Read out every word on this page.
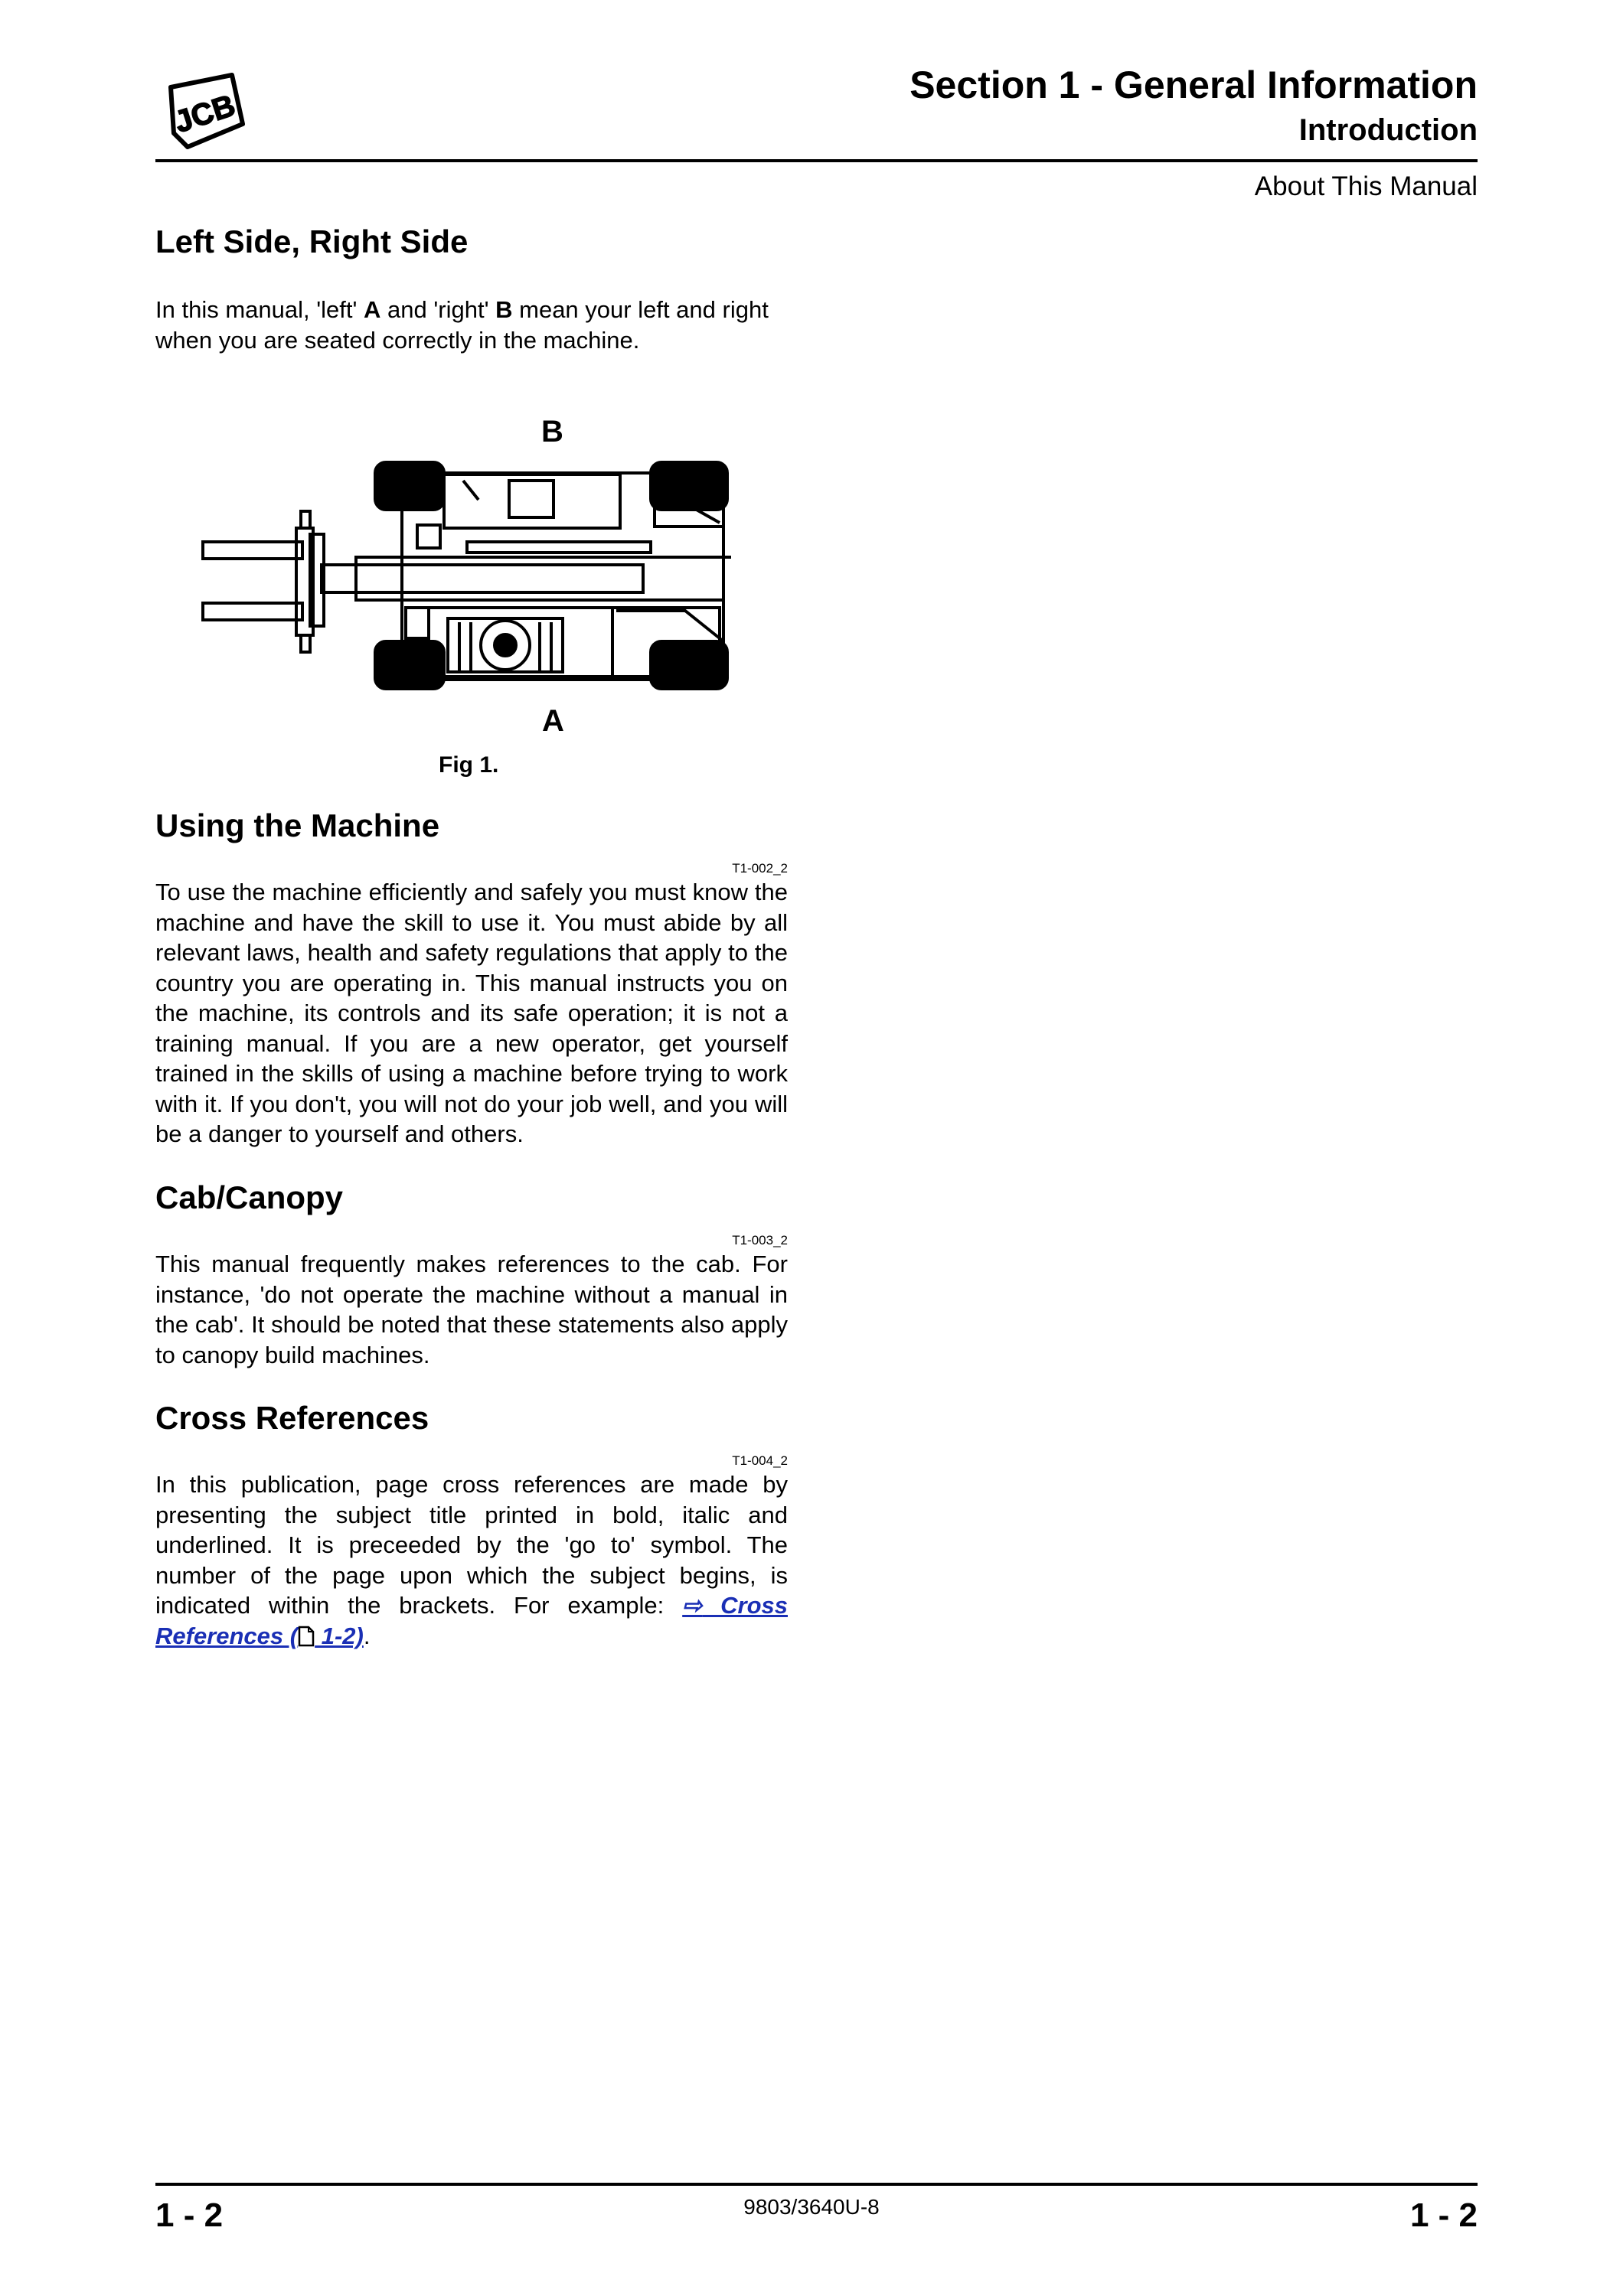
JCB
Section 1 - General Information
Introduction
About This Manual
Left Side, Right Side

In this manual, 'left' A and 'right' B mean your left and right when you are seated correctly in the machine.

B
A
Fig 1.
Using the Machine
T1-002_2

To use the machine efficiently and safely you must know the machine and have the skill to use it. You must abide by all relevant laws, health and safety regulations that apply to the country you are operating in. This manual instructs you on the machine, its controls and its safe operation; it is not a training manual. If you are a new operator, get yourself trained in the skills of using a machine before trying to work with it. If you don't, you will not do your job well, and you will be a danger to yourself and others.

Cab/Canopy
T1-003_2

This manual frequently makes references to the cab. For instance, 'do not operate the machine without a manual in the cab'. It should be noted that these statements also apply to canopy build machines.

Cross References
T1-004_2

In this publication, page cross references are made by presenting the subject title printed in bold, italic and underlined. It is preceeded by the 'go to' symbol. The number of the page upon which the subject begins, is indicated within the brackets. For example: ⇨ Cross References ( 1-2).

1 - 2	9803/3640U-8	1 - 2
